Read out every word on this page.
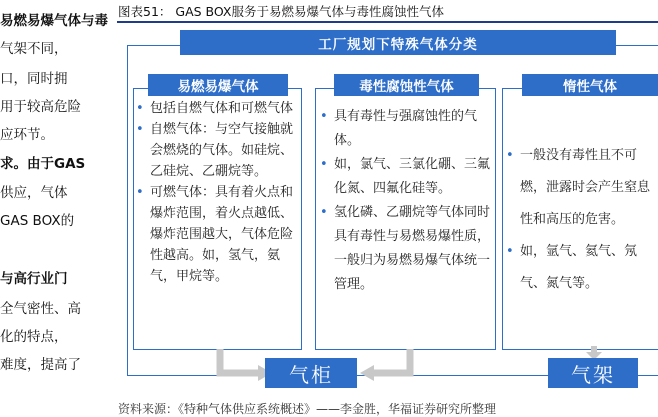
易燃易爆气体与毒
气架不同，
口，同时拥
用于较高危险
应环节。
求。由于GAS
供应，气体
GAS BOX的
与高行业门
全气密性、高
化的特点，
难度，提高了
图表51： GAS BOX服务于易燃易爆气体与毒性腐蚀性气体
工厂规划下特殊气体分类
易燃易爆气体
• 包括自燃气体和可燃气体
• 自燃气体：与空气接触就会燃烧的气体。如硅烷、乙硅烷、乙硼烷等。
• 可燃气体：具有着火点和爆炸范围，着火点越低、爆炸范围越大，气体危险性越高。如，氢气，氨气，甲烷等。
毒性腐蚀性气体
• 具有毒性与强腐蚀性的气体。
• 如，氯气、三氯化硼、三氟化氮、四氟化硅等。
• 氢化磷、乙硼烷等气体同时具有毒性与易燃易爆性质，一般归为易燃易爆气体统一管理。
惰性气体
• 一般没有毒性且不可燃，泄露时会产生窒息性和高压的危害。
• 如，氩气、氦气、氖气、氮气等。
气柜	气架
资料来源：《特种气体供应系统概述》——李金胜，华福证券研究所整理
